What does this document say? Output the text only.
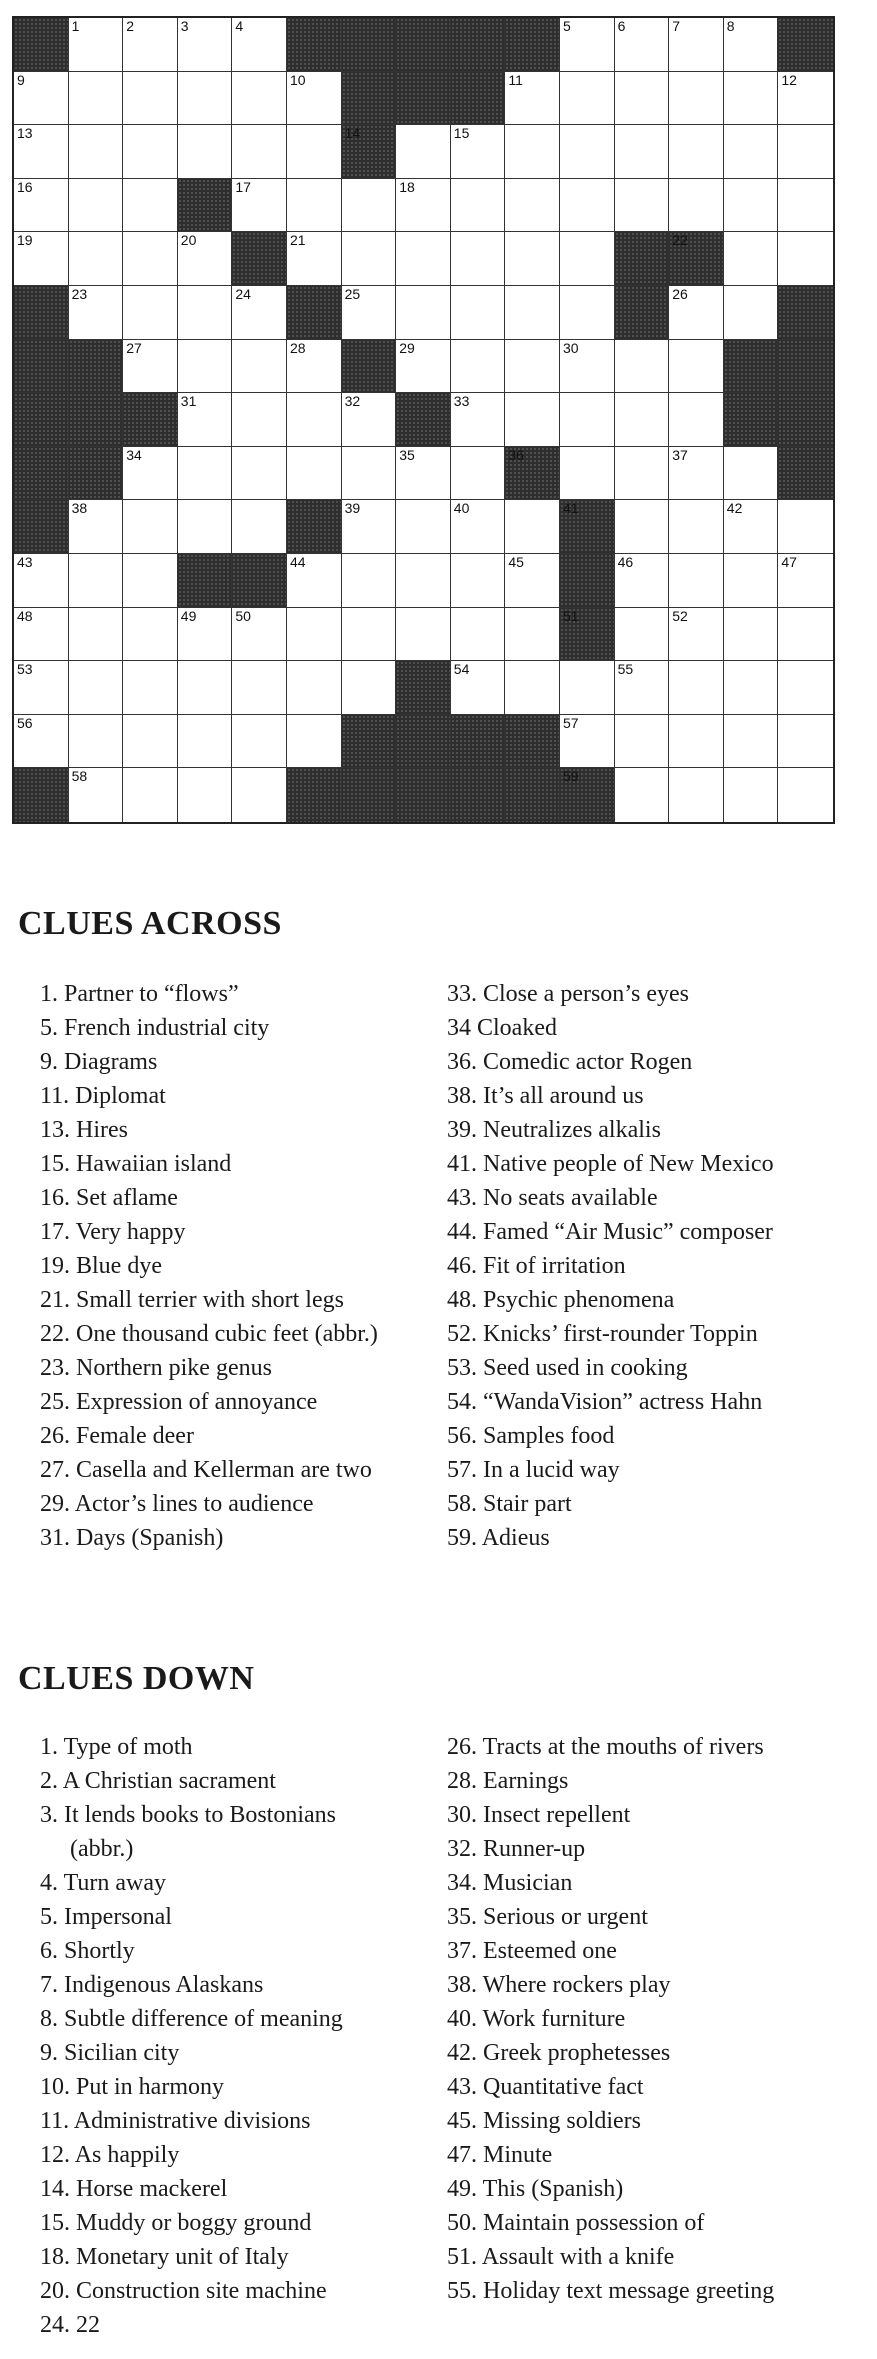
1	2	3	4	5	6	7	8
9	10	11	12
13	14	15
16	17	18
19	20	21	22
23	24	25	26
27	28	29	30
31	32	33
34	35	36	37
38	39	40	41	42
43	44	45	46	47
48	49	50	51	52
53	54	55
56	57
58	59
CLUES ACROSS
1. Partner to “flows”
5. French industrial city
9. Diagrams
11. Diplomat
13. Hires
15. Hawaiian island
16. Set aflame
17. Very happy
19. Blue dye
21. Small terrier with short legs
22. One thousand cubic feet (abbr.)
23. Northern pike genus
25. Expression of annoyance
26. Female deer
27. Casella and Kellerman are two
29. Actor’s lines to audience
31. Days (Spanish)
33. Close a person’s eyes
34 Cloaked
36. Comedic actor Rogen
38. It’s all around us
39. Neutralizes alkalis
41. Native people of New Mexico
43. No seats available
44. Famed “Air Music” composer
46. Fit of irritation
48. Psychic phenomena
52. Knicks’ first-rounder Toppin
53. Seed used in cooking
54. “WandaVision” actress Hahn
56. Samples food
57. In a lucid way
58. Stair part
59. Adieus
CLUES DOWN
1. Type of moth
2. A Christian sacrament
3. It lends books to Bostonians
(abbr.)
4. Turn away
5. Impersonal
6. Shortly
7. Indigenous Alaskans
8. Subtle difference of meaning
9. Sicilian city
10. Put in harmony
11. Administrative divisions
12. As happily
14. Horse mackerel
15. Muddy or boggy ground
18. Monetary unit of Italy
20. Construction site machine
24. 22
26. Tracts at the mouths of rivers
28. Earnings
30. Insect repellent
32. Runner-up
34. Musician
35. Serious or urgent
37. Esteemed one
38. Where rockers play
40. Work furniture
42. Greek prophetesses
43. Quantitative fact
45. Missing soldiers
47. Minute
49. This (Spanish)
50. Maintain possession of
51. Assault with a knife
55. Holiday text message greeting
